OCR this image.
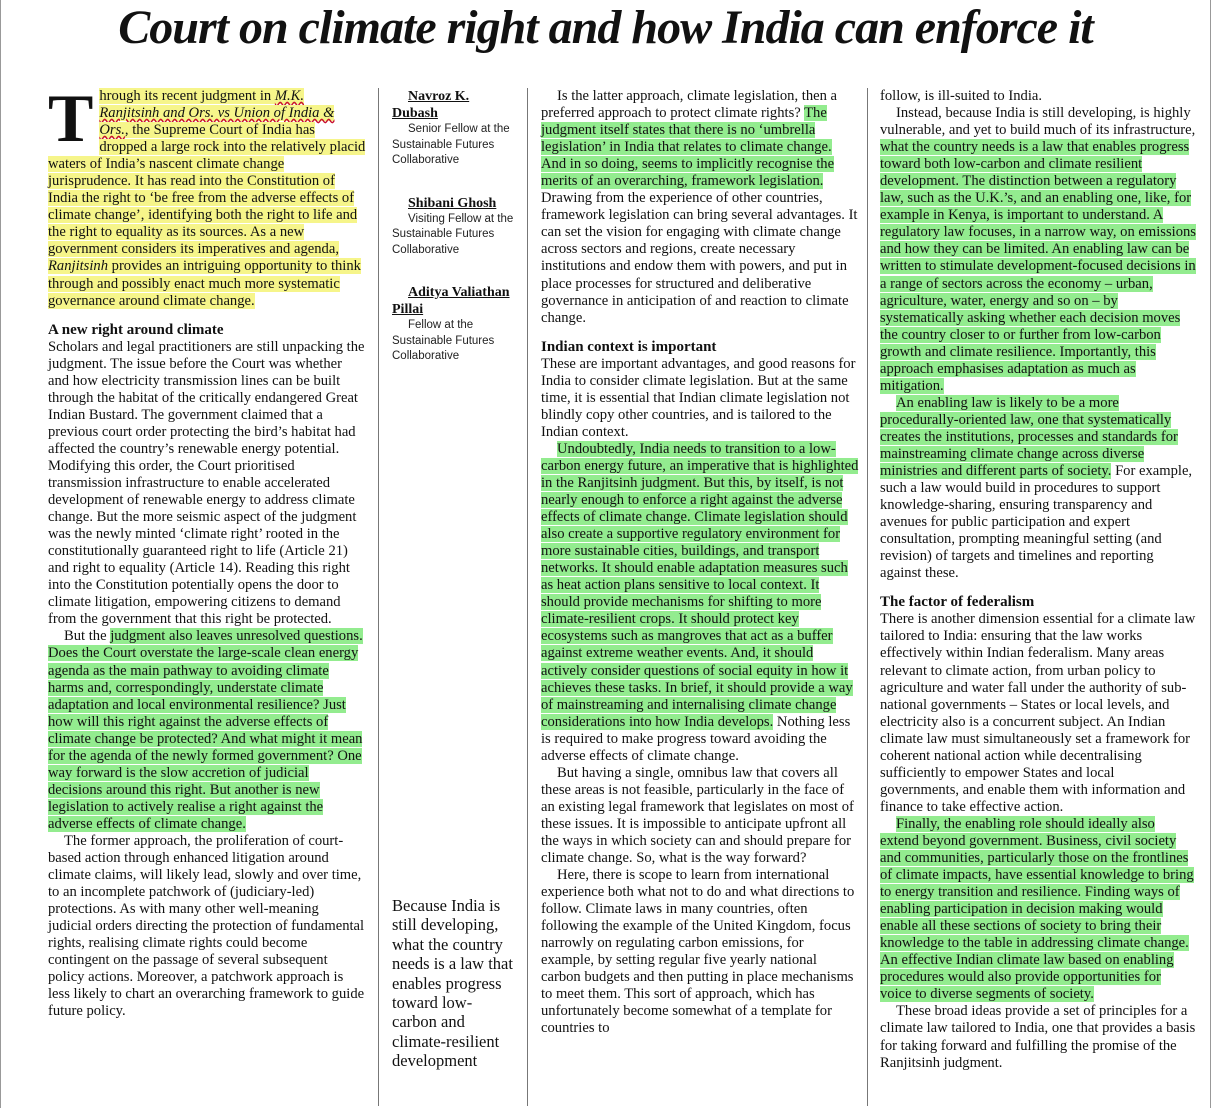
Court on climate right and how India can enforce it

T hrough its recent judgment in M.K. Ranjitsinh and Ors. vs Union of India & Ors., the Supreme Court of India has dropped a large rock into the relatively placid waters of India’s nascent climate change jurisprudence. It has read into the Constitution of India the right to ‘be free from the adverse effects of climate change’, identifying both the right to life and the right to equality as its sources. As a new government considers its imperatives and agenda, Ranjitsinh provides an intriguing opportunity to think through and possibly enact much more systematic governance around climate change.

A new right around climate

Scholars and legal practitioners are still unpacking the judgment. The issue before the Court was whether and how electricity transmission lines can be built through the habitat of the critically endangered Great Indian Bustard. The government claimed that a previous court order protecting the bird’s habitat had affected the country’s renewable energy potential. Modifying this order, the Court prioritised transmission infrastructure to enable accelerated development of renewable energy to address climate change. But the more seismic aspect of the judgment was the newly minted ‘climate right’ rooted in the constitutionally guaranteed right to life (Article 21) and right to equality (Article 14). Reading this right into the Constitution potentially opens the door to climate litigation, empowering citizens to demand from the government that this right be protected.

But the judgment also leaves unresolved questions. Does the Court overstate the large-scale clean energy agenda as the main pathway to avoiding climate harms and, correspondingly, understate climate adaptation and local environmental resilience? Just how will this right against the adverse effects of climate change be protected? And what might it mean for the agenda of the newly formed government? One way forward is the slow accretion of judicial decisions around this right. But another is new legislation to actively realise a right against the adverse effects of climate change.

The former approach, the proliferation of court-based action through enhanced litigation around climate claims, will likely lead, slowly and over time, to an incomplete patchwork of (judiciary-led) protections. As with many other well-meaning judicial orders directing the protection of fundamental rights, realising climate rights could become contingent on the passage of several subsequent policy actions. Moreover, a patchwork approach is less likely to chart an overarching framework to guide future policy.

Navroz K. Dubash

Senior Fellow at the Sustainable Futures Collaborative

Shibani Ghosh

Visiting Fellow at the Sustainable Futures Collaborative

Aditya Valiathan Pillai

Fellow at the Sustainable Futures Collaborative

Because India is still developing, what the country needs is a law that enables progress toward low-carbon and climate-resilient development

Is the latter approach, climate legislation, then a preferred approach to protect climate rights? The judgment itself states that there is no ‘umbrella legislation’ in India that relates to climate change. And in so doing, seems to implicitly recognise the merits of an overarching, framework legislation. Drawing from the experience of other countries, framework legislation can bring several advantages. It can set the vision for engaging with climate change across sectors and regions, create necessary institutions and endow them with powers, and put in place processes for structured and deliberative governance in anticipation of and reaction to climate change.

Indian context is important

These are important advantages, and good reasons for India to consider climate legislation. But at the same time, it is essential that Indian climate legislation not blindly copy other countries, and is tailored to the Indian context.

Undoubtedly, India needs to transition to a low-carbon energy future, an imperative that is highlighted in the Ranjitsinh judgment. But this, by itself, is not nearly enough to enforce a right against the adverse effects of climate change. Climate legislation should also create a supportive regulatory environment for more sustainable cities, buildings, and transport networks. It should enable adaptation measures such as heat action plans sensitive to local context. It should provide mechanisms for shifting to more climate-resilient crops. It should protect key ecosystems such as mangroves that act as a buffer against extreme weather events. And, it should actively consider questions of social equity in how it achieves these tasks. In brief, it should provide a way of mainstreaming and internalising climate change considerations into how India develops. Nothing less is required to make progress toward avoiding the adverse effects of climate change.

But having a single, omnibus law that covers all these areas is not feasible, particularly in the face of an existing legal framework that legislates on most of these issues. It is impossible to anticipate upfront all the ways in which society can and should prepare for climate change. So, what is the way forward?

Here, there is scope to learn from international experience both what not to do and what directions to follow. Climate laws in many countries, often following the example of the United Kingdom, focus narrowly on regulating carbon emissions, for example, by setting regular five yearly national carbon budgets and then putting in place mechanisms to meet them. This sort of approach, which has unfortunately become somewhat of a template for countries to

follow, is ill-suited to India.

Instead, because India is still developing, is highly vulnerable, and yet to build much of its infrastructure, what the country needs is a law that enables progress toward both low-carbon and climate resilient development. The distinction between a regulatory law, such as the U.K.’s, and an enabling one, like, for example in Kenya, is important to understand. A regulatory law focuses, in a narrow way, on emissions and how they can be limited. An enabling law can be written to stimulate development-focused decisions in a range of sectors across the economy – urban, agriculture, water, energy and so on – by systematically asking whether each decision moves the country closer to or further from low-carbon growth and climate resilience. Importantly, this approach emphasises adaptation as much as mitigation.

An enabling law is likely to be a more procedurally-oriented law, one that systematically creates the institutions, processes and standards for mainstreaming climate change across diverse ministries and different parts of society. For example, such a law would build in procedures to support knowledge-sharing, ensuring transparency and avenues for public participation and expert consultation, prompting meaningful setting (and revision) of targets and timelines and reporting against these.

The factor of federalism

There is another dimension essential for a climate law tailored to India: ensuring that the law works effectively within Indian federalism. Many areas relevant to climate action, from urban policy to agriculture and water fall under the authority of sub-national governments – States or local levels, and electricity also is a concurrent subject. An Indian climate law must simultaneously set a framework for coherent national action while decentralising sufficiently to empower States and local governments, and enable them with information and finance to take effective action.

Finally, the enabling role should ideally also extend beyond government. Business, civil society and communities, particularly those on the frontlines of climate impacts, have essential knowledge to bring to energy transition and resilience. Finding ways of enabling participation in decision making would enable all these sections of society to bring their knowledge to the table in addressing climate change. An effective Indian climate law based on enabling procedures would also provide opportunities for voice to diverse segments of society.

These broad ideas provide a set of principles for a climate law tailored to India, one that provides a basis for taking forward and fulfilling the promise of the Ranjitsinh judgment.
